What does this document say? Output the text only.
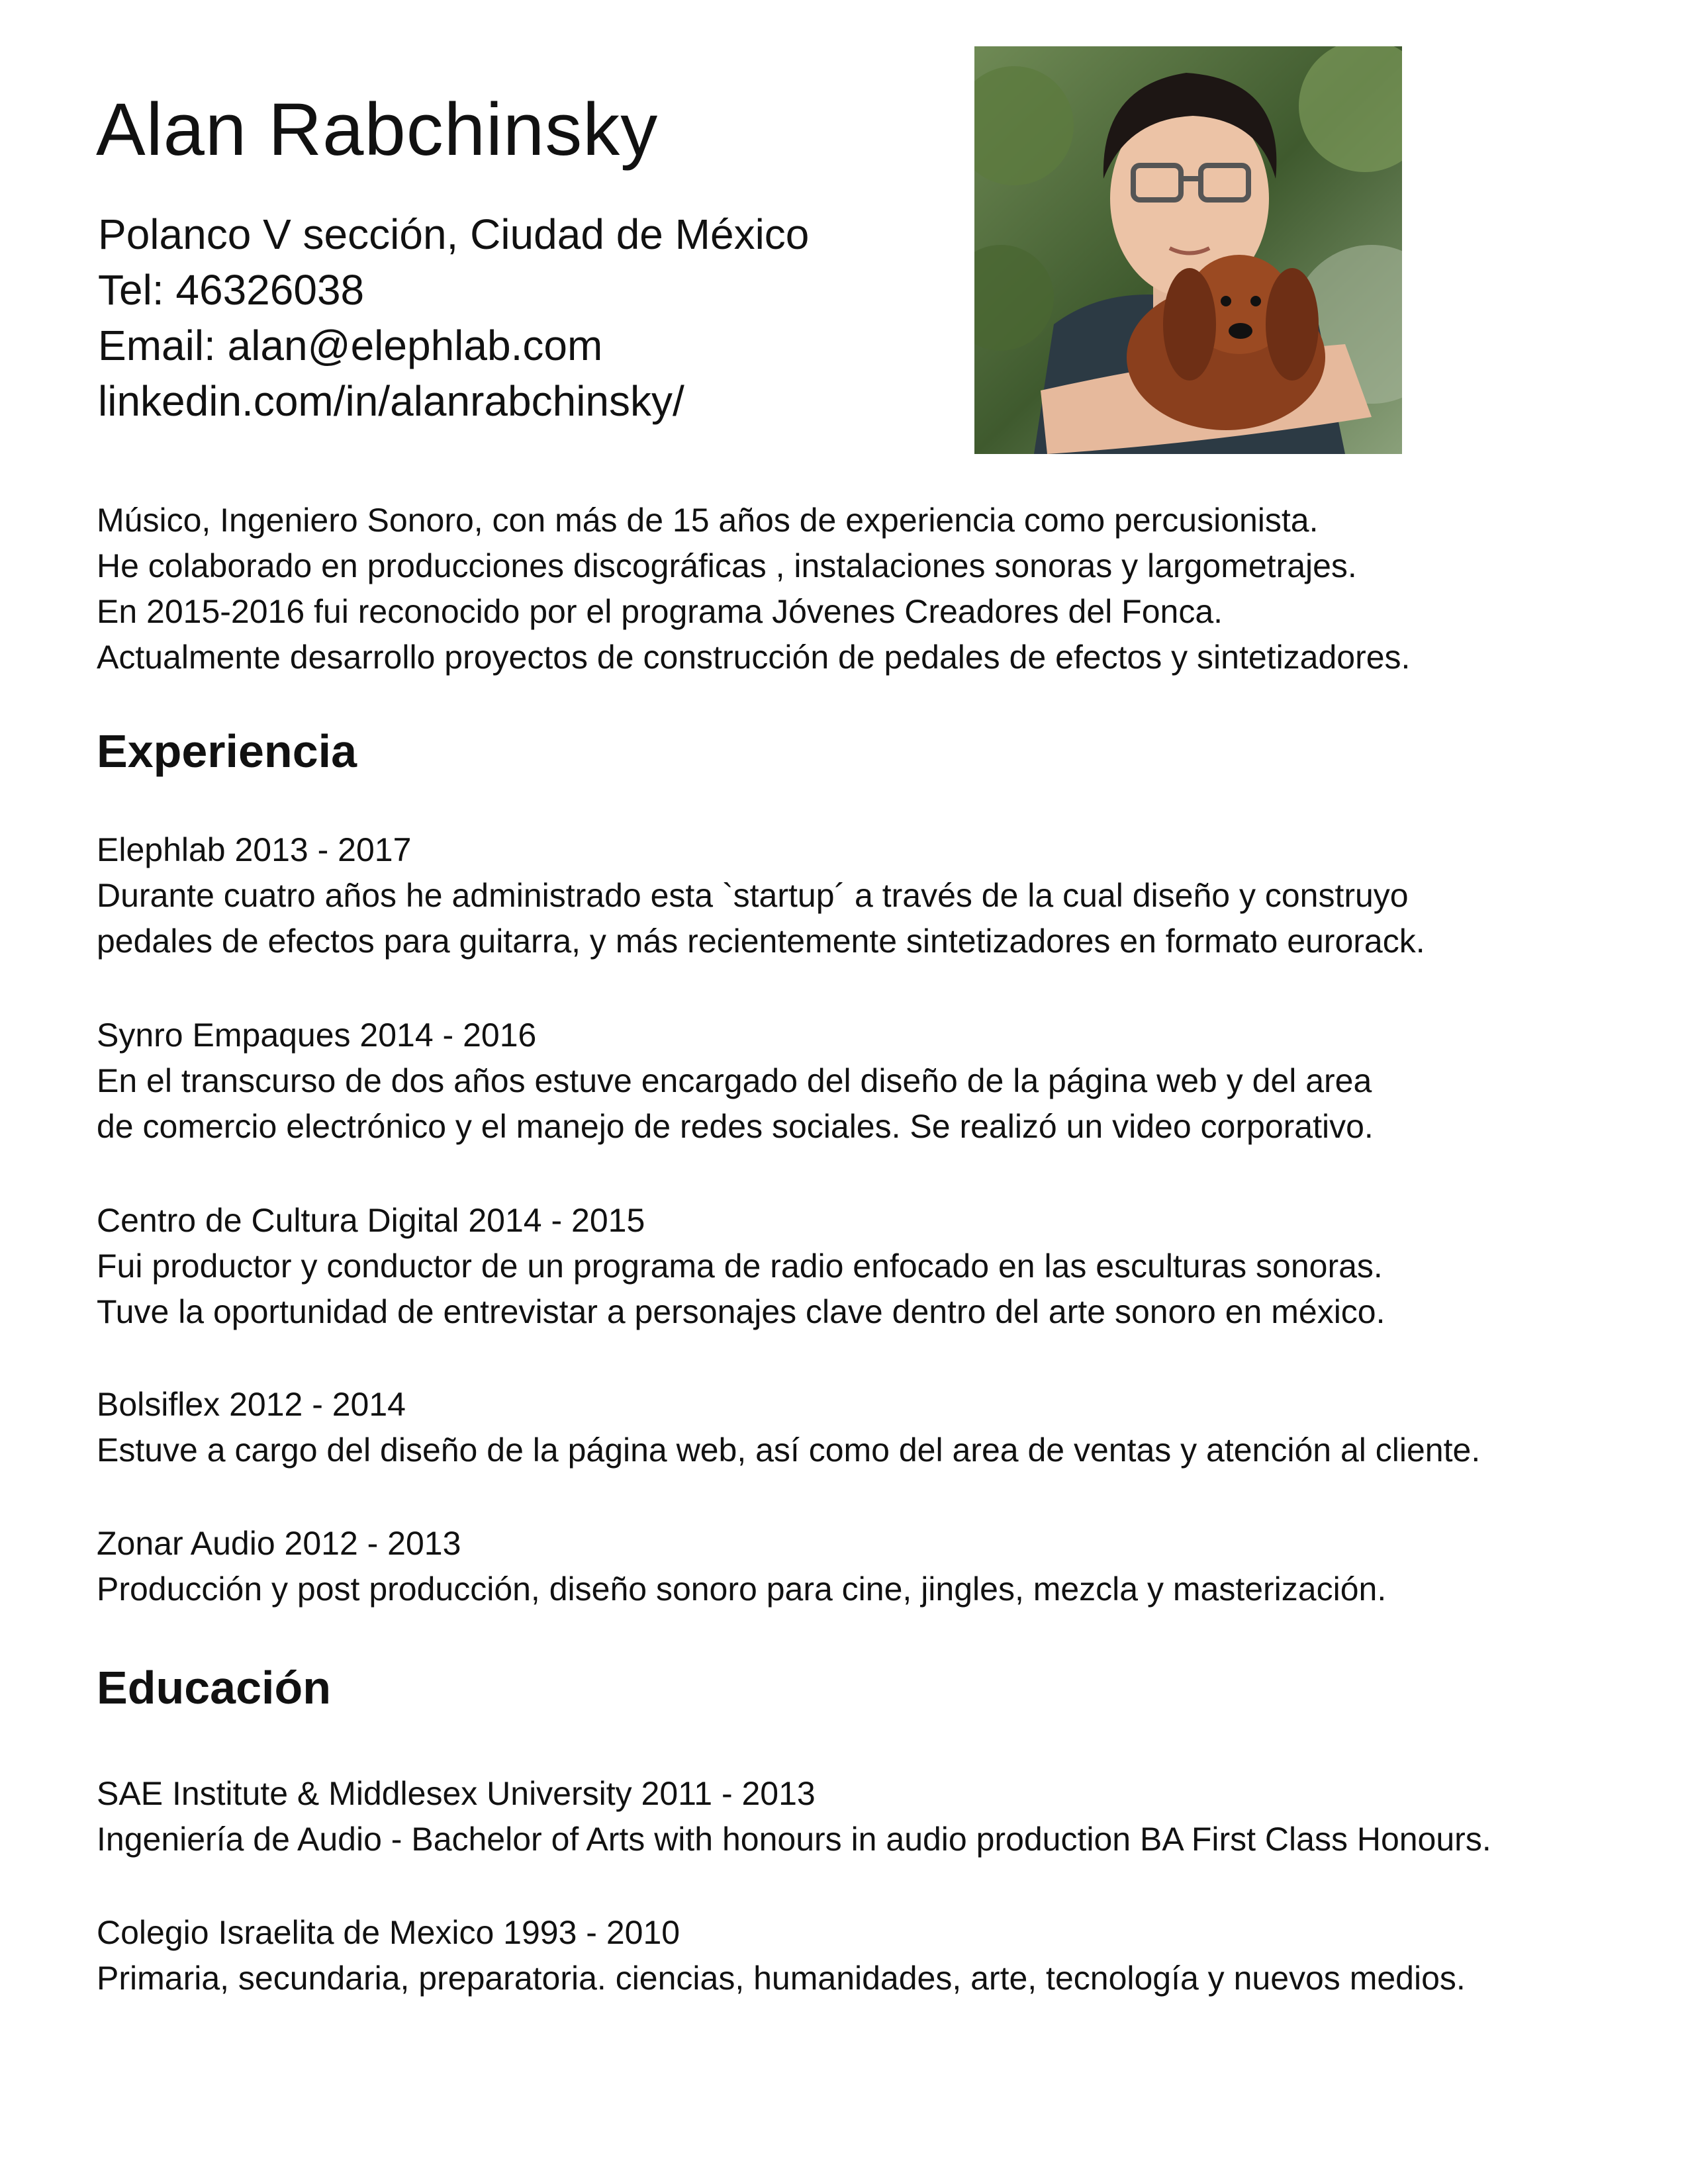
Alan Rabchinsky
Polanco V sección, Ciudad de México
Tel: 46326038
Email: alan@elephlab.com
linkedin.com/in/alanrabchinsky/
Músico, Ingeniero Sonoro, con más de 15 años de experiencia como percusionista.
He colaborado en producciones discográficas , instalaciones sonoras y largometrajes.
En 2015-2016 fui reconocido por el programa Jóvenes Creadores del Fonca.
Actualmente desarrollo proyectos de construcción de pedales de efectos y sintetizadores.
Experiencia
Elephlab 2013 - 2017
Durante cuatro años he administrado esta `startup´ a través de la cual diseño y construyo
pedales de efectos para guitarra, y más recientemente sintetizadores en formato eurorack.
Synro Empaques 2014 - 2016
En el transcurso de dos años estuve encargado del diseño de la página web y del area
de comercio electrónico y el manejo de redes sociales. Se realizó un video corporativo.
Centro de Cultura Digital 2014 - 2015
Fui productor y conductor de un programa de radio enfocado en las esculturas sonoras.
Tuve la oportunidad de entrevistar a personajes clave dentro del arte sonoro en méxico.
Bolsiflex 2012 - 2014
Estuve a cargo del diseño de la página web, así como del area de ventas y atención al cliente.
Zonar Audio 2012 - 2013
Producción y post producción, diseño sonoro para cine, jingles, mezcla y masterización.
Educación
SAE Institute & Middlesex University 2011 - 2013
Ingeniería de Audio - Bachelor of Arts with honours in audio production BA First Class Honours.
Colegio Israelita de Mexico 1993 - 2010
Primaria, secundaria, preparatoria. ciencias, humanidades, arte, tecnología y nuevos medios.
